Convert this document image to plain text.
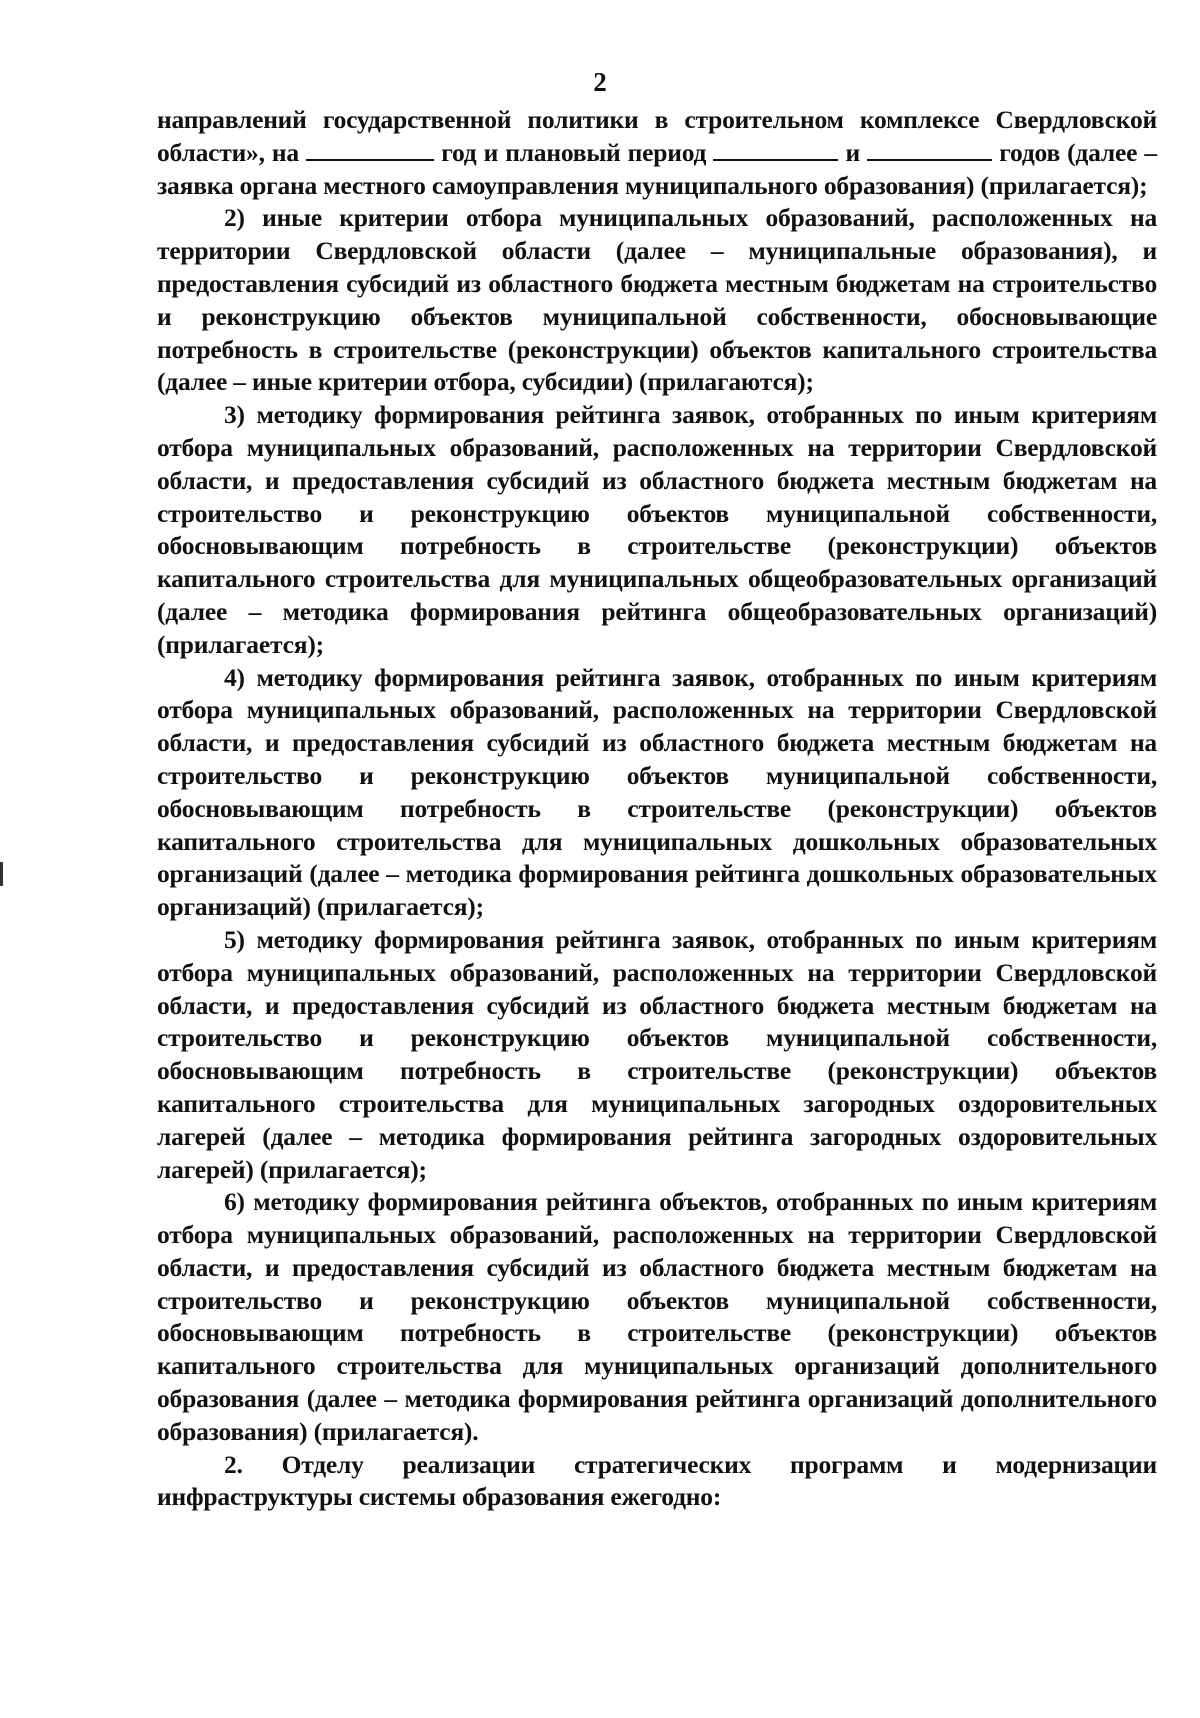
2

направлений государственной политики в строительном комплексе Свердловской области», на	год и плановый период	и	годов (далее – заявка органа местного самоуправления муниципального образования) (прилагается);

2) иные критерии отбора муниципальных образований, расположенных на территории Свердловской области (далее – муниципальные образования), и предоставления субсидий из областного бюджета местным бюджетам на строительство и реконструкцию объектов муниципальной собственности, обосновывающие потребность в строительстве (реконструкции) объектов капитального строительства (далее – иные критерии отбора, субсидии) (прилагаются);

3) методику формирования рейтинга заявок, отобранных по иным критериям отбора муниципальных образований, расположенных на территории Свердловской области, и предоставления субсидий из областного бюджета местным бюджетам на строительство и реконструкцию объектов муниципальной собственности, обосновывающим потребность в строительстве (реконструкции) объектов капитального строительства для муниципальных общеобразовательных организаций (далее – методика формирования рейтинга общеобразовательных организаций) (прилагается);

4) методику формирования рейтинга заявок, отобранных по иным критериям отбора муниципальных образований, расположенных на территории Свердловской области, и предоставления субсидий из областного бюджета местным бюджетам на строительство и реконструкцию объектов муниципальной собственности, обосновывающим потребность в строительстве (реконструкции) объектов капитального строительства для муниципальных дошкольных образовательных организаций (далее – методика формирования рейтинга дошкольных образовательных организаций) (прилагается);

5) методику формирования рейтинга заявок, отобранных по иным критериям отбора муниципальных образований, расположенных на территории Свердловской области, и предоставления субсидий из областного бюджета местным бюджетам на строительство и реконструкцию объектов муниципальной собственности, обосновывающим потребность в строительстве (реконструкции) объектов капитального строительства для муниципальных загородных оздоровительных лагерей (далее – методика формирования рейтинга загородных оздоровительных лагерей) (прилагается);

6) методику формирования рейтинга объектов, отобранных по иным критериям отбора муниципальных образований, расположенных на территории Свердловской области, и предоставления субсидий из областного бюджета местным бюджетам на строительство и реконструкцию объектов муниципальной собственности, обосновывающим потребность в строительстве (реконструкции) объектов капитального строительства для муниципальных организаций дополнительного образования (далее – методика формирования рейтинга организаций дополнительного образования) (прилагается).

2. Отделу реализации стратегических программ и модернизации инфраструктуры системы образования ежегодно:
